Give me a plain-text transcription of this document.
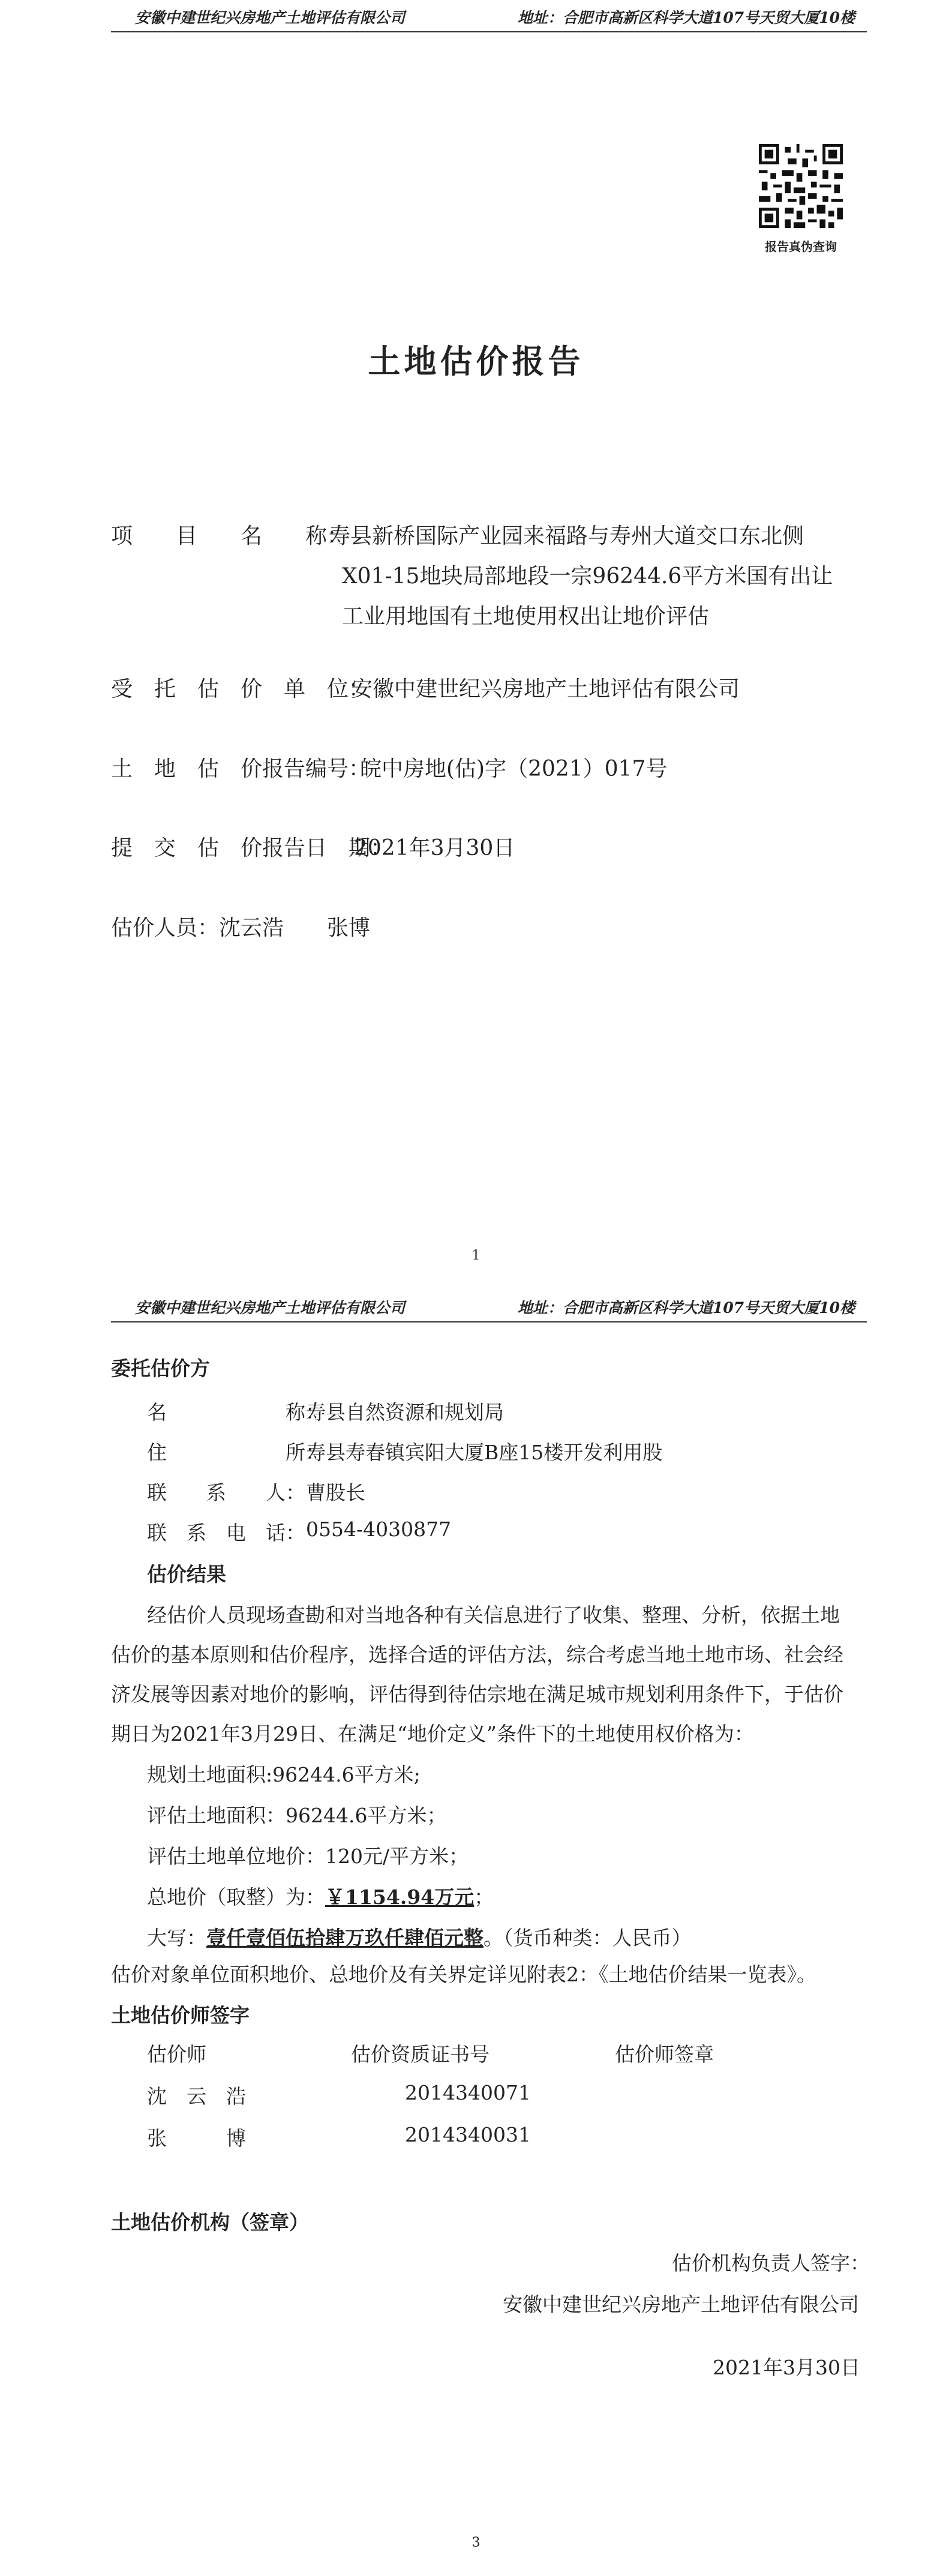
安徽中建世纪兴房地产土地评估有限公司	地址：合肥市高新区科学大道107号天贸大厦10楼
报告真伪查询
土地估价报告
项　　目　　名　　称：
寿县新桥国际产业园来福路与寿州大道交口东北侧
X01-15地块局部地段一宗96244.6平方米国有出让
工业用地国有土地使用权出让地价评估
受　托　估　价　单　位：
安徽中建世纪兴房地产土地评估有限公司
土　地　估　价报告编号：
皖中房地(估)字（2021）017号
提　交　估　价报告日　期：
2021年3月30日
估价人员： 沈云浩　　张博
1
安徽中建世纪兴房地产土地评估有限公司	地址：合肥市高新区科学大道107号天贸大厦10楼
委托估价方
名　　　　　　称：
寿县自然资源和规划局
住　　　　　　所：
寿县寿春镇宾阳大厦B座15楼开发利用股
联　　系　　人： 曹股长
联　系　电　话： 0554-4030877
估价结果
经估价人员现场查勘和对当地各种有关信息进行了收集、整理、分析，依据土地
估价的基本原则和估价程序，选择合适的评估方法，综合考虑当地土地市场、社会经
济发展等因素对地价的影响，评估得到待估宗地在满足城市规划利用条件下，于估价
期日为2021年3月29日、在满足“地价定义”条件下的土地使用权价格为：
规划土地面积:96244.6平方米;
评估土地面积：96244.6平方米；
评估土地单位地价：120元/平方米；
总地价（取整）为：￥1154.94万元；
大写：壹仟壹佰伍拾肆万玖仟肆佰元整。（货币种类：人民币）
估价对象单位面积地价、总地价及有关界定详见附表2：《土地估价结果一览表》。
土地估价师签字
估价师	估价资质证书号	估价师签章
沈　云　浩	2014340071
张　　　博	2014340031
土地估价机构（签章）
估价机构负责人签字：
安徽中建世纪兴房地产土地评估有限公司
2021年3月30日
3
